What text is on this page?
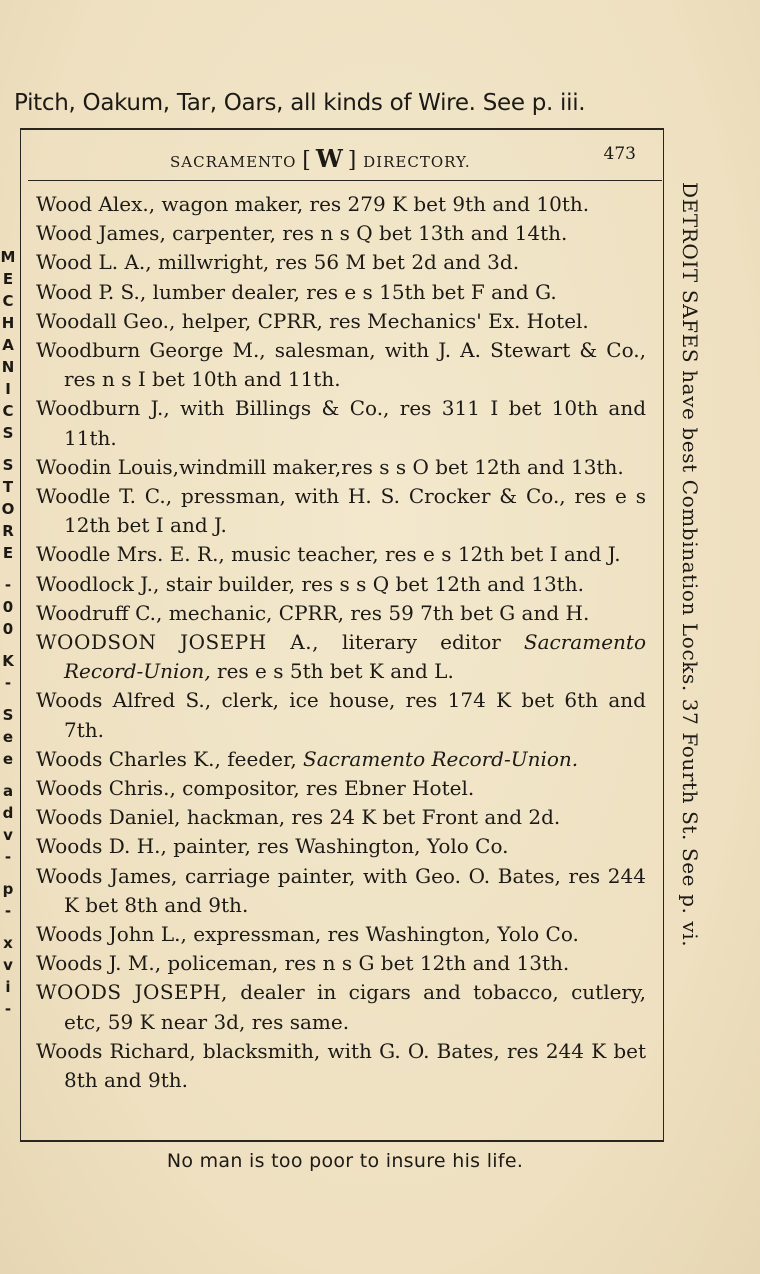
Pitch, Oakum, Tar, Oars, all kinds of Wire. See p. iii.
SACRAMENTO [ W ] DIRECTORY.	473
Wood Alex., wagon maker, res 279 K bet 9th and 10th.
Wood James, carpenter, res n s Q bet 13th and 14th.
Wood L. A., millwright, res 56 M bet 2d and 3d.
Wood P. S., lumber dealer, res e s 15th bet F and G.
Woodall Geo., helper, CPRR, res Mechanics' Ex. Hotel.
Woodburn George M., salesman, with J. A. Stewart & Co., res n s I bet 10th and 11th.
Woodburn J., with Billings & Co., res 311 I bet 10th and 11th.
Woodin Louis,windmill maker,res s s O bet 12th and 13th.
Woodle T. C., pressman, with H. S. Crocker & Co., res e s 12th bet I and J.
Woodle Mrs. E. R., music teacher, res e s 12th bet I and J.
Woodlock J., stair builder, res s s Q bet 12th and 13th.
Woodruff C., mechanic, CPRR, res 59 7th bet G and H.
WOODSON JOSEPH A., literary editor Sacramento Record-Union, res e s 5th bet K and L.
Woods Alfred S., clerk, ice house, res 174 K bet 6th and 7th.
Woods Charles K., feeder, Sacramento Record-Union.
Woods Chris., compositor, res Ebner Hotel.
Woods Daniel, hackman, res 24 K bet Front and 2d.
Woods D. H., painter, res Washington, Yolo Co.
Woods James, carriage painter, with Geo. O. Bates, res 244 K bet 8th and 9th.
Woods John L., expressman, res Washington, Yolo Co.
Woods J. M., policeman, res n s G bet 12th and 13th.
WOODS JOSEPH, dealer in cigars and tobacco, cutlery, etc, 59 K near 3d, res same.
Woods Richard, blacksmith, with G. O. Bates, res 244 K bet 8th and 9th.
No man is too poor to insure his life.
DETROIT SAFES have best Combination Locks. 37 Fourth St. See p. vi.
M
E
C
H
A
N
I
C
S
S
T
O
R
E
-
0
0
K
-
S
e
e
a
d
v
-
p
-
x
v
i
-
